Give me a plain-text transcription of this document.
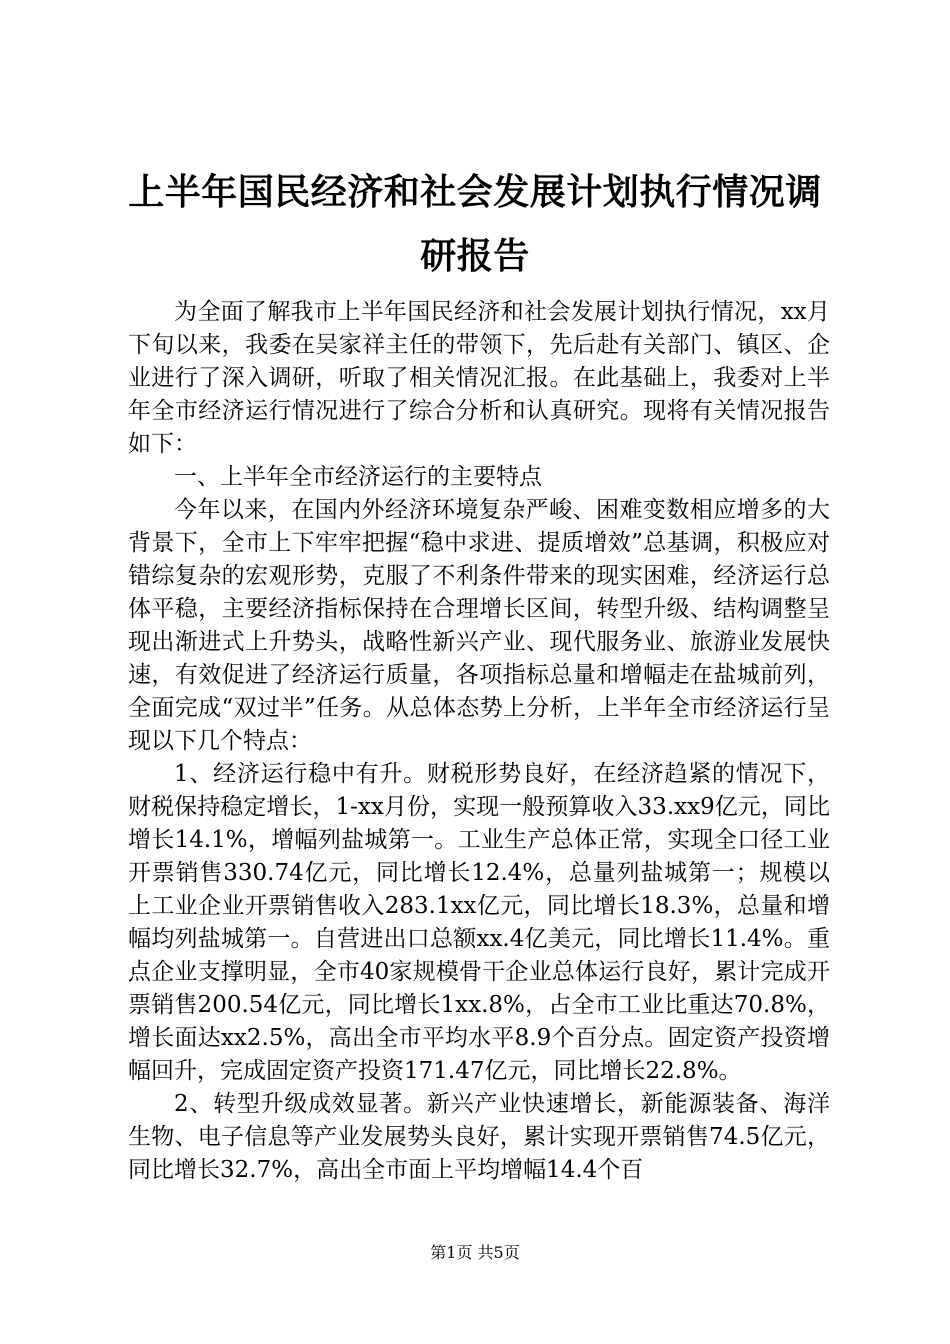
上半年国民经济和社会发展计划执行情况调研报告

为全面了解我市上半年国民经济和社会发展计划执行情况，xx月下旬以来，我委在吴家祥主任的带领下，先后赴有关部门、镇区、企业进行了深入调研，听取了相关情况汇报。在此基础上，我委对上半年全市经济运行情况进行了综合分析和认真研究。现将有关情况报告如下：

一、上半年全市经济运行的主要特点

今年以来，在国内外经济环境复杂严峻、困难变数相应增多的大背景下，全市上下牢牢把握“稳中求进、提质增效”总基调，积极应对错综复杂的宏观形势，克服了不利条件带来的现实困难，经济运行总体平稳，主要经济指标保持在合理增长区间，转型升级、结构调整呈现出渐进式上升势头，战略性新兴产业、现代服务业、旅游业发展快速，有效促进了经济运行质量，各项指标总量和增幅走在盐城前列，全面完成“双过半”任务。从总体态势上分析，上半年全市经济运行呈现以下几个特点：

1、经济运行稳中有升。财税形势良好，在经济趋紧的情况下，财税保持稳定增长，1-xx月份，实现一般预算收入33.xx9亿元，同比增长14.1%，增幅列盐城第一。工业生产总体正常，实现全口径工业开票销售330.74亿元，同比增长12.4%，总量列盐城第一；规模以上工业企业开票销售收入283.1xx亿元，同比增长18.3%，总量和增幅均列盐城第一。自营进出口总额xx.4亿美元，同比增长11.4%。重点企业支撑明显，全市40家规模骨干企业总体运行良好，累计完成开票销售200.54亿元，同比增长1xx.8%，占全市工业比重达70.8%，增长面达xx2.5%，高出全市平均水平8.9个百分点。固定资产投资增幅回升，完成固定资产投资171.47亿元，同比增长22.8%。

2、转型升级成效显著。新兴产业快速增长，新能源装备、海洋生物、电子信息等产业发展势头良好，累计实现开票销售74.5亿元，同比增长32.7%，高出全市面上平均增幅14.4个百

第1页 共5页
